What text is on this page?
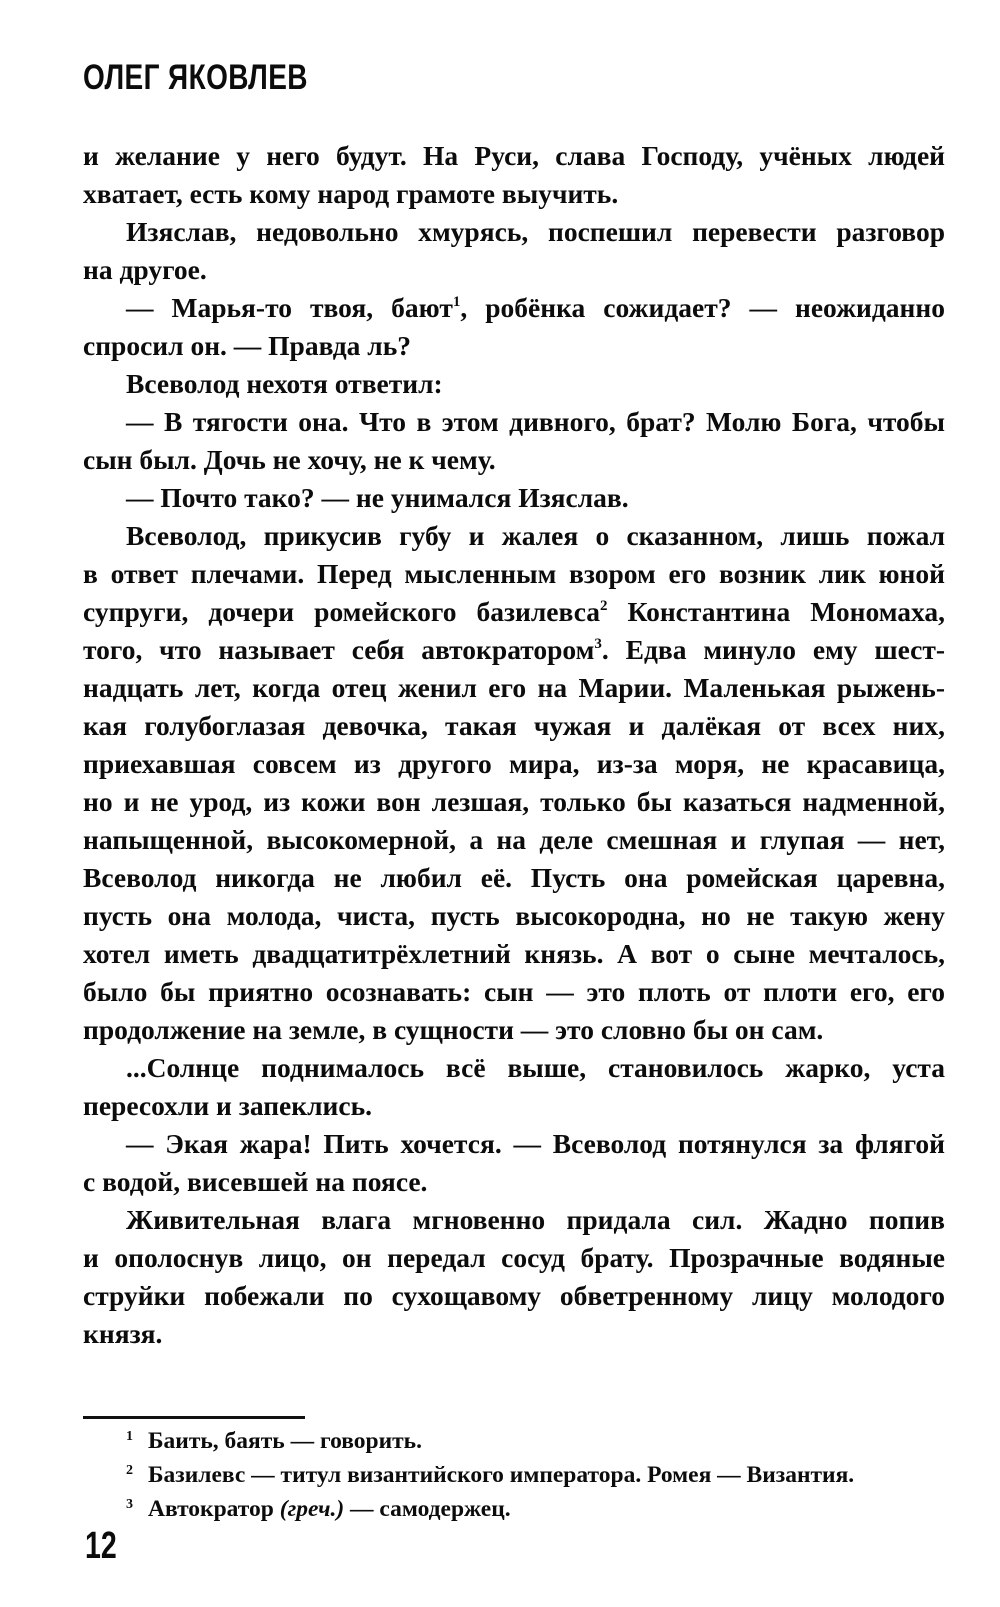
ОЛЕГ ЯКОВЛЕВ
и желание у него будут. На Руси, слава Господу, учёных людей
хватает, есть кому народ грамоте выучить.
Изяслав, недовольно хмурясь, поспешил перевести разговор
на другое.
— Марья-то твоя, бают$^1$, робёнка сожидает? — неожиданно
спросил он. — Правда ль?
Всеволод нехотя ответил:
— В тягости она. Что в этом дивного, брат? Молю Бога, чтобы
сын был. Дочь не хочу, не к чему.
— Почто тако? — не унимался Изяслав.
Всеволод, прикусив губу и жалея о сказанном, лишь пожал
в ответ плечами. Перед мысленным взором его возник лик юной
супруги, дочери ромейского базилевса$^2$ Константина Мономаха,
того, что называет себя автократором$^3$. Едва минуло ему шест-
надцать лет, когда отец женил его на Марии. Маленькая рыжень-
кая голубоглазая девочка, такая чужая и далёкая от всех них,
приехавшая совсем из другого мира, из-за моря, не красавица,
но и не урод, из кожи вон лезшая, только бы казаться надменной,
напыщенной, высокомерной, а на деле смешная и глупая — нет,
Всеволод никогда не любил её. Пусть она ромейская царевна,
пусть она молода, чиста, пусть высокородна, но не такую жену
хотел иметь двадцатитрёхлетний князь. А вот о сыне мечталось,
было бы приятно осознавать: сын — это плоть от плоти его, его
продолжение на земле, в сущности — это словно бы он сам.
...Солнце поднималось всё выше, становилось жарко, уста
пересохли и запеклись.
— Экая жара! Пить хочется. — Всеволод потянулся за флягой
с водой, висевшей на поясе.
Живительная влага мгновенно придала сил. Жадно попив
и ополоснув лицо, он передал сосуд брату. Прозрачные водяные
струйки побежали по сухощавому обветренному лицу молодого
князя.
1 Баить, баять — говорить.
2 Базилевс — титул византийского императора. Ромея — Византия.
3 Автократор (греч.) — самодержец.
12
